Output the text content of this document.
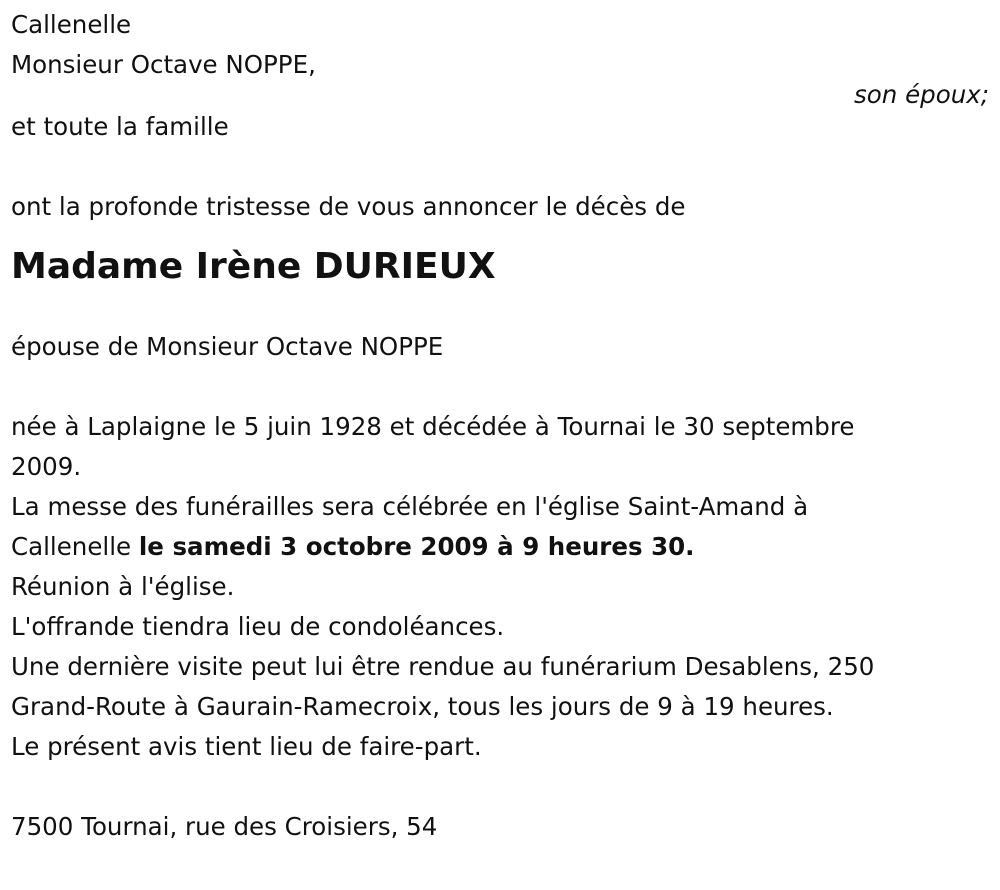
Callenelle

Monsieur Octave NOPPE,

son époux;

et toute la famille

ont la profonde tristesse de vous annoncer le décès de

Madame Irène DURIEUX

épouse de Monsieur Octave NOPPE

née à Laplaigne le 5 juin 1928 et décédée à Tournai le 30 septembre

2009.

La messe des funérailles sera célébrée en l'église Saint-Amand à

Callenelle le samedi 3 octobre 2009 à 9 heures 30.

Réunion à l'église.

L'offrande tiendra lieu de condoléances.

Une dernière visite peut lui être rendue au funérarium Desablens, 250

Grand-Route à Gaurain-Ramecroix, tous les jours de 9 à 19 heures.

Le présent avis tient lieu de faire-part.

7500 Tournai, rue des Croisiers, 54
